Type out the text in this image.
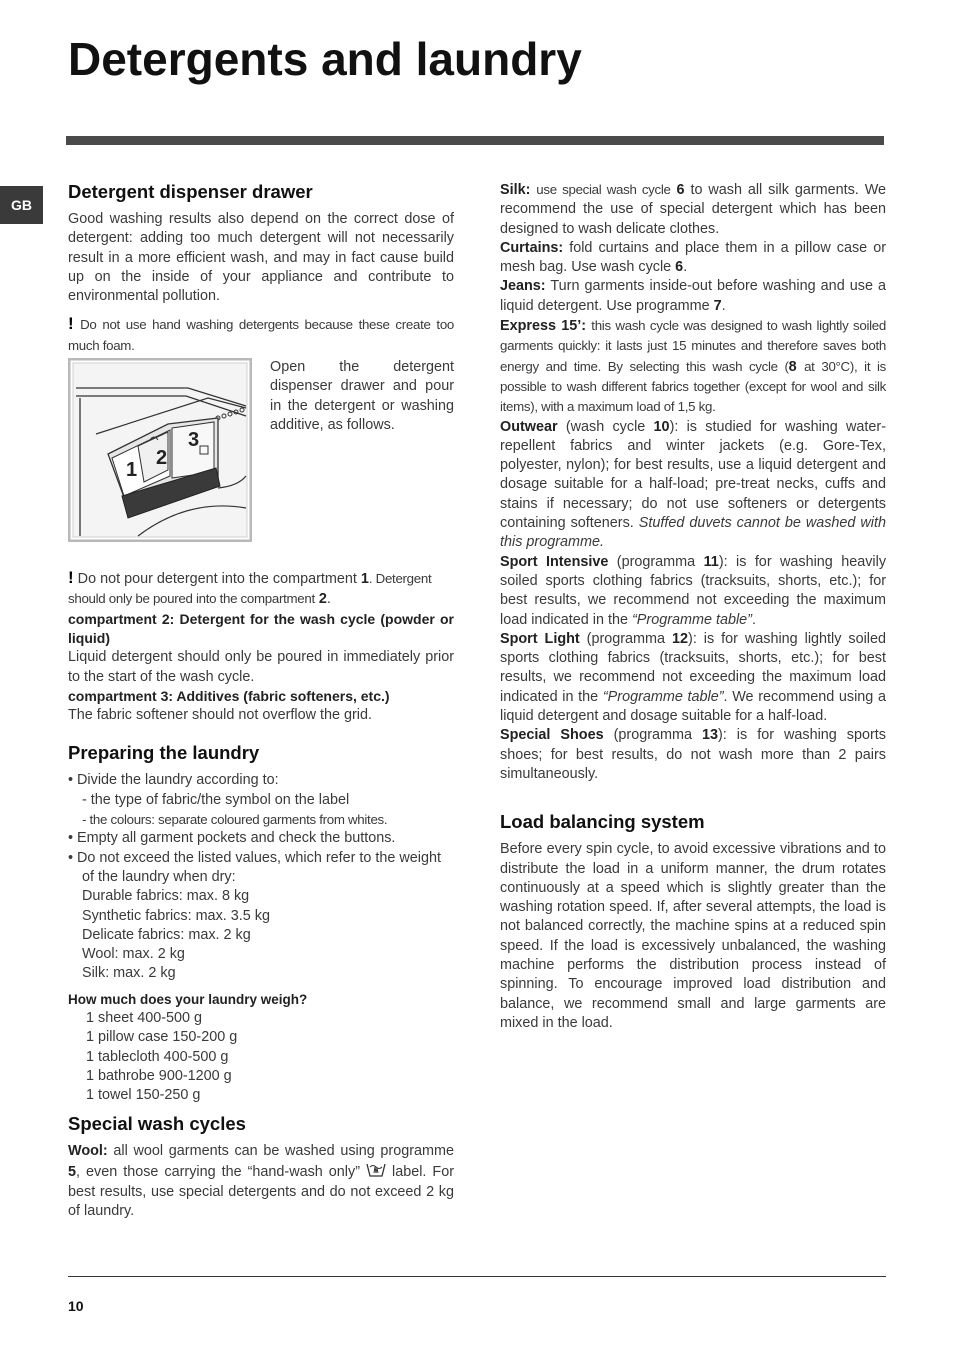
Detergents and laundry
GB
Detergent dispenser drawer

Good washing results also depend on the correct dose of detergent: adding too much detergent will not necessarily result in a more efficient wash, and may in fact cause build up on the inside of your appliance and contribute to environmental pollution.

! Do not use hand washing detergents because these create too much foam.

1
2
3

Open the detergent dispenser drawer and pour in the detergent or washing additive, as follows.

! Do not pour detergent into the compartment 1. Detergent should only be poured into the compartment 2.

compartment 2: Detergent for the wash cycle (powder or liquid)

Liquid detergent should only be poured in immediately prior to the start of the wash cycle.

compartment 3: Additives (fabric softeners, etc.)

The fabric softener should not overflow the grid.

Preparing the laundry

• Divide the laundry according to:

- the type of fabric/the symbol on the label

- the colours: separate coloured garments from whites.

• Empty all garment pockets and check the buttons.

• Do not exceed the listed values, which refer to the weight of the laundry when dry:

Durable fabrics: max. 8 kg

Synthetic fabrics: max. 3.5 kg

Delicate fabrics: max. 2 kg

Wool: max. 2 kg

Silk: max. 2 kg

How much does your laundry weigh?

1 sheet 400-500 g

1 pillow case 150-200 g

1 tablecloth 400-500 g

1 bathrobe 900-1200 g

1 towel 150-250 g

Special wash cycles

Wool: all wool garments can be washed using programme 5, even those carrying the “hand-wash only” label. For best results, use special detergents and do not exceed 2 kg of laundry.

Silk: use special wash cycle 6 to wash all silk garments. We recommend the use of special detergent which has been designed to wash delicate clothes.

Curtains: fold curtains and place them in a pillow case or mesh bag. Use wash cycle 6.

Jeans: Turn garments inside-out before washing and use a liquid detergent. Use programme 7.

Express 15’: this wash cycle was designed to wash lightly soiled garments quickly: it lasts just 15 minutes and therefore saves both energy and time. By selecting this wash cycle (8 at 30°C), it is possible to wash different fabrics together (except for wool and silk items), with a maximum load of 1,5 kg.

Outwear (wash cycle 10): is studied for washing water-repellent fabrics and winter jackets (e.g. Gore-Tex, polyester, nylon); for best results, use a liquid detergent and dosage suitable for a half-load; pre-treat necks, cuffs and stains if necessary; do not use softeners or detergents containing softeners. Stuffed duvets cannot be washed with this programme.

Sport Intensive (programma 11): is for washing heavily soiled sports clothing fabrics (tracksuits, shorts, etc.); for best results, we recommend not exceeding the maximum load indicated in the “Programme table”.

Sport Light (programma 12): is for washing lightly soiled sports clothing fabrics (tracksuits, shorts, etc.); for best results, we recommend not exceeding the maximum load indicated in the “Programme table”. We recommend using a liquid detergent and dosage suitable for a half-load.

Special Shoes (programma 13): is for washing sports shoes; for best results, do not wash more than 2 pairs simultaneously.

Load balancing system

Before every spin cycle, to avoid excessive vibrations and to distribute the load in a uniform manner, the drum rotates continuously at a speed which is slightly greater than the washing rotation speed. If, after several attempts, the load is not balanced correctly, the machine spins at a reduced spin speed. If the load is excessively unbalanced, the washing machine performs the distribution process instead of spinning. To encourage improved load distribution and balance, we recommend small and large garments are mixed in the load.

10
